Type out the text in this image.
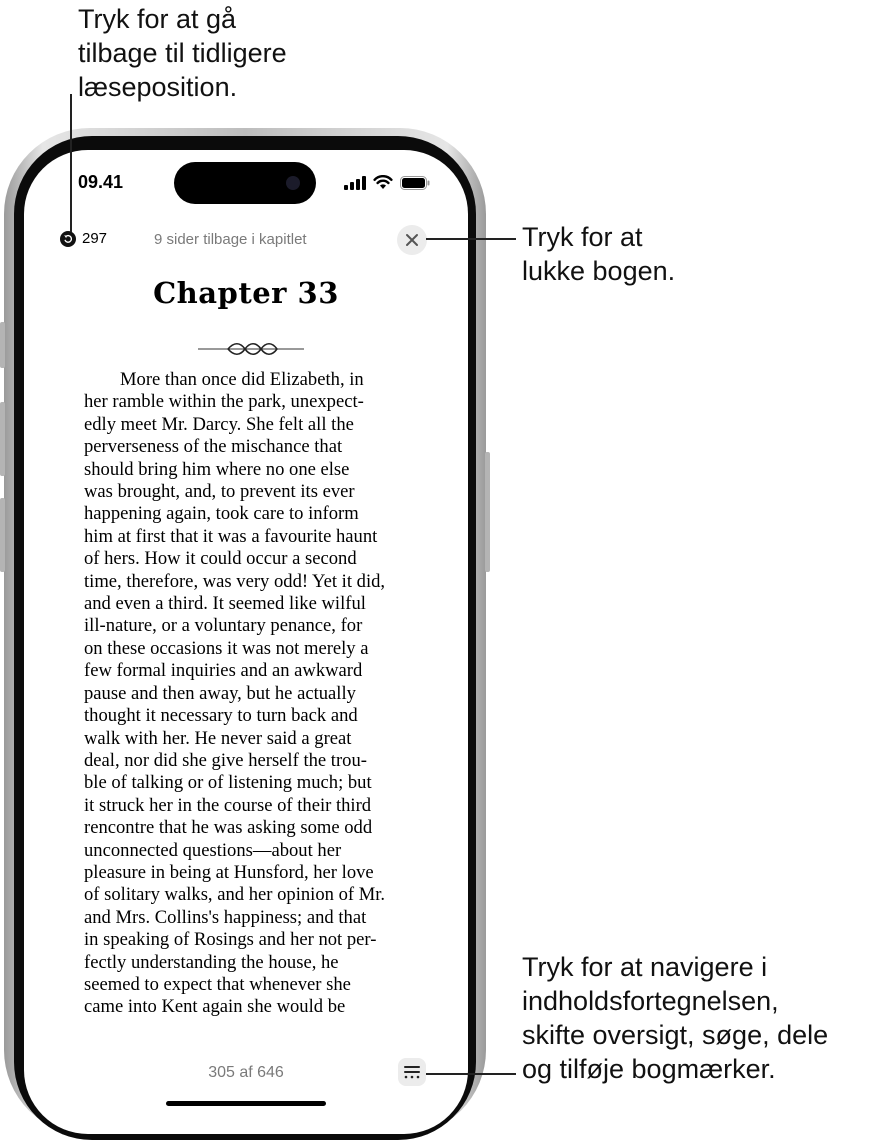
Tryk for at gå
tilbage til tidligere
læseposition.
Tryk for at
lukke bogen.
Tryk for at navigere i
indholdsfortegnelsen,
skifte oversigt, søge, dele
og tilføje bogmærker.
09.41
297	9 sider tilbage i kapitlet
Chapter 33

More than once did Elizabeth, in
her ramble within the park, unexpect-
edly meet Mr. Darcy. She felt all the
perverseness of the mischance that
should bring him where no one else
was brought, and, to prevent its ever
happening again, took care to inform
him at first that it was a favourite haunt
of hers. How it could occur a second
time, therefore, was very odd! Yet it did,
and even a third. It seemed like wilful
ill-nature, or a voluntary penance, for
on these occasions it was not merely a
few formal inquiries and an awkward
pause and then away, but he actually
thought it necessary to turn back and
walk with her. He never said a great
deal, nor did she give herself the trou-
ble of talking or of listening much; but
it struck her in the course of their third
rencontre that he was asking some odd
unconnected questions—about her
pleasure in being at Hunsford, her love
of solitary walks, and her opinion of Mr.
and Mrs. Collins's happiness; and that
in speaking of Rosings and her not per-
fectly understanding the house, he
seemed to expect that whenever she
came into Kent again she would be

305 af 646
